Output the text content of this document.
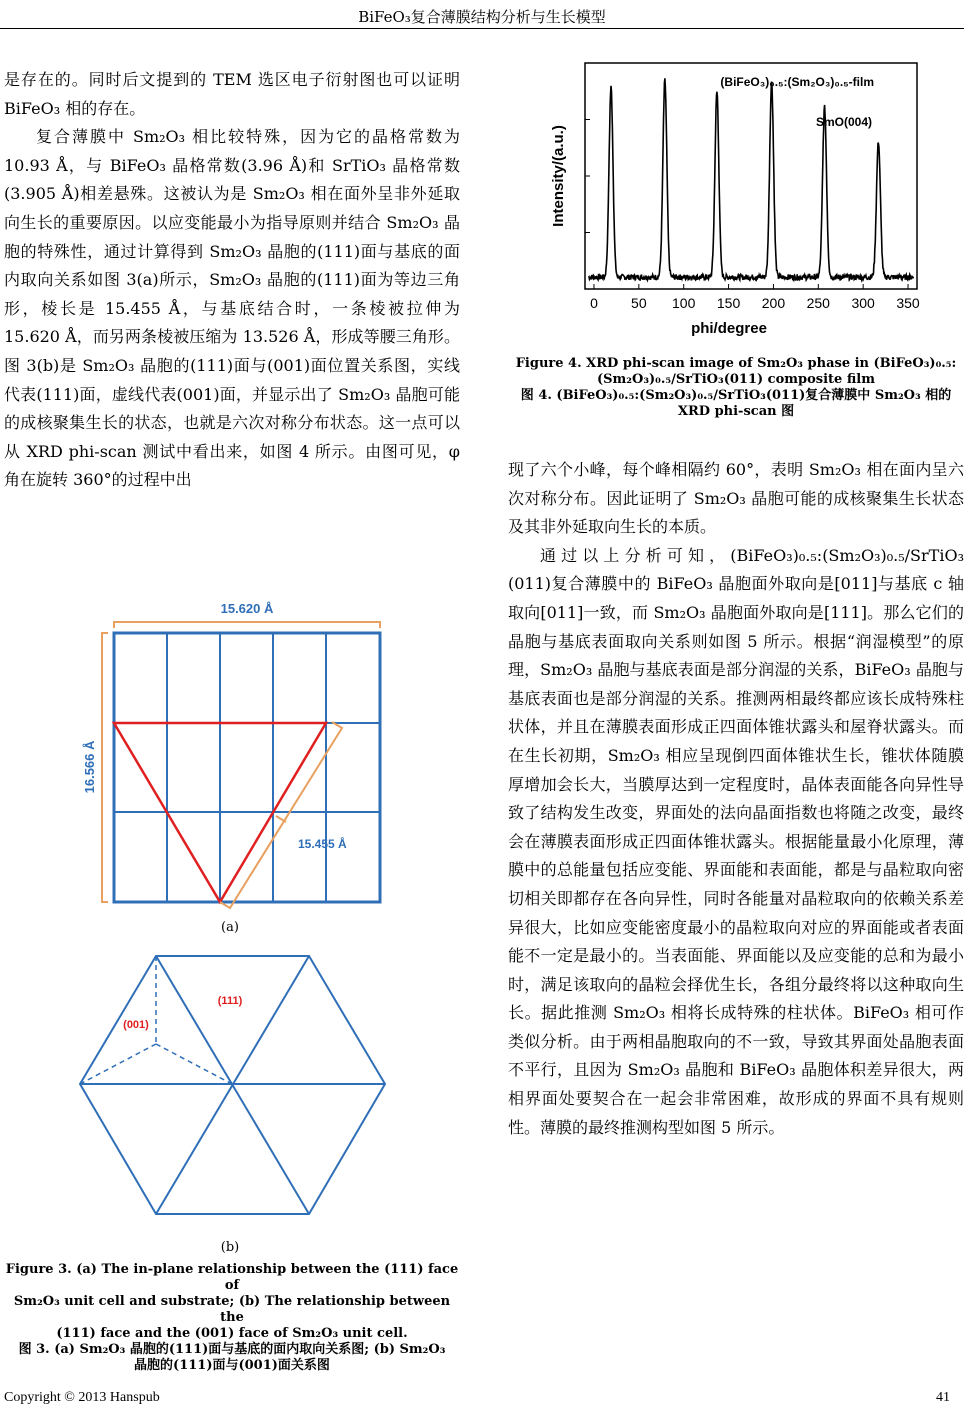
BiFeO₃复合薄膜结构分析与生长模型

是存在的。同时后文提到的 TEM 选区电子衍射图也可以证明 BiFeO₃ 相的存在。

复合薄膜中 Sm₂O₃ 相比较特殊，因为它的晶格常数为 10.93 Å，与 BiFeO₃ 晶格常数(3.96 Å)和 SrTiO₃ 晶格常数(3.905 Å)相差悬殊。这被认为是 Sm₂O₃ 相在面外呈非外延取向生长的重要原因。以应变能最小为指导原则并结合 Sm₂O₃ 晶胞的特殊性，通过计算得到 Sm₂O₃ 晶胞的(111)面与基底的面内取向关系如图 3(a)所示，Sm₂O₃ 晶胞的(111)面为等边三角形，棱长是 15.455 Å，与基底结合时，一条棱被拉伸为 15.620 Å，而另两条棱被压缩为 13.526 Å，形成等腰三角形。图 3(b)是 Sm₂O₃ 晶胞的(111)面与(001)面位置关系图，实线代表(111)面，虚线代表(001)面，并显示出了 Sm₂O₃ 晶胞可能的成核聚集生长的状态，也就是六次对称分布状态。这一点可以从 XRD phi-scan 测试中看出来，如图 4 所示。由图可见，φ 角在旋转 360°的过程中出

15.620 Å
16.566 Å
15.455 Å
(a)
(111)
(001)
(b)
Figure 3. (a) The in-plane relationship between the (111) face of
Sm₂O₃ unit cell and substrate; (b) The relationship between the
(111) face and the (001) face of Sm₂O₃ unit cell.
图 3. (a) Sm₂O₃ 晶胞的(111)面与基底的面内取向关系图; (b) Sm₂O₃
晶胞的(111)面与(001)面关系图
0 50 100 150 200 250 300 350
Intensity/(a.u.)
phi/degree
(BiFeO₃)₀.₅:(Sm₂O₃)₀.₅-film
SmO(004)
Figure 4. XRD phi-scan image of Sm₂O₃ phase in (BiFeO₃)₀.₅:
(Sm₂O₃)₀.₅/SrTiO₃(011) composite film
图 4. (BiFeO₃)₀.₅:(Sm₂O₃)₀.₅/SrTiO₃(011)复合薄膜中 Sm₂O₃ 相的
XRD phi-scan 图

现了六个小峰，每个峰相隔约 60°，表明 Sm₂O₃ 相在面内呈六次对称分布。因此证明了 Sm₂O₃ 晶胞可能的成核聚集生长状态及其非外延取向生长的本质。

通过以上分析可知，(BiFeO₃)₀.₅:(Sm₂O₃)₀.₅/SrTiO₃ (011)复合薄膜中的 BiFeO₃ 晶胞面外取向是[011]与基底 c 轴取向[011]一致，而 Sm₂O₃ 晶胞面外取向是[111]。那么它们的晶胞与基底表面取向关系则如图 5 所示。根据“润湿模型”的原理，Sm₂O₃ 晶胞与基底表面是部分润湿的关系，BiFeO₃ 晶胞与基底表面也是部分润湿的关系。推测两相最终都应该长成特殊柱状体，并且在薄膜表面形成正四面体锥状露头和屋脊状露头。而在生长初期，Sm₂O₃ 相应呈现倒四面体锥状生长，锥状体随膜厚增加会长大，当膜厚达到一定程度时，晶体表面能各向异性导致了结构发生改变，界面处的法向晶面指数也将随之改变，最终会在薄膜表面形成正四面体锥状露头。根据能量最小化原理，薄膜中的总能量包括应变能、界面能和表面能，都是与晶粒取向密切相关即都存在各向异性，同时各能量对晶粒取向的依赖关系差异很大，比如应变能密度最小的晶粒取向对应的界面能或者表面能不一定是最小的。当表面能、界面能以及应变能的总和为最小时，满足该取向的晶粒会择优生长，各组分最终将以这种取向生长。据此推测 Sm₂O₃ 相将长成特殊的柱状体。BiFeO₃ 相可作类似分析。由于两相晶胞取向的不一致，导致其界面处晶胞表面不平行，且因为 Sm₂O₃ 晶胞和 BiFeO₃ 晶胞体积差异很大，两相界面处要契合在一起会非常困难，故形成的界面不具有规则性。薄膜的最终推测构型如图 5 所示。

Copyright © 2013 Hanspub	41
